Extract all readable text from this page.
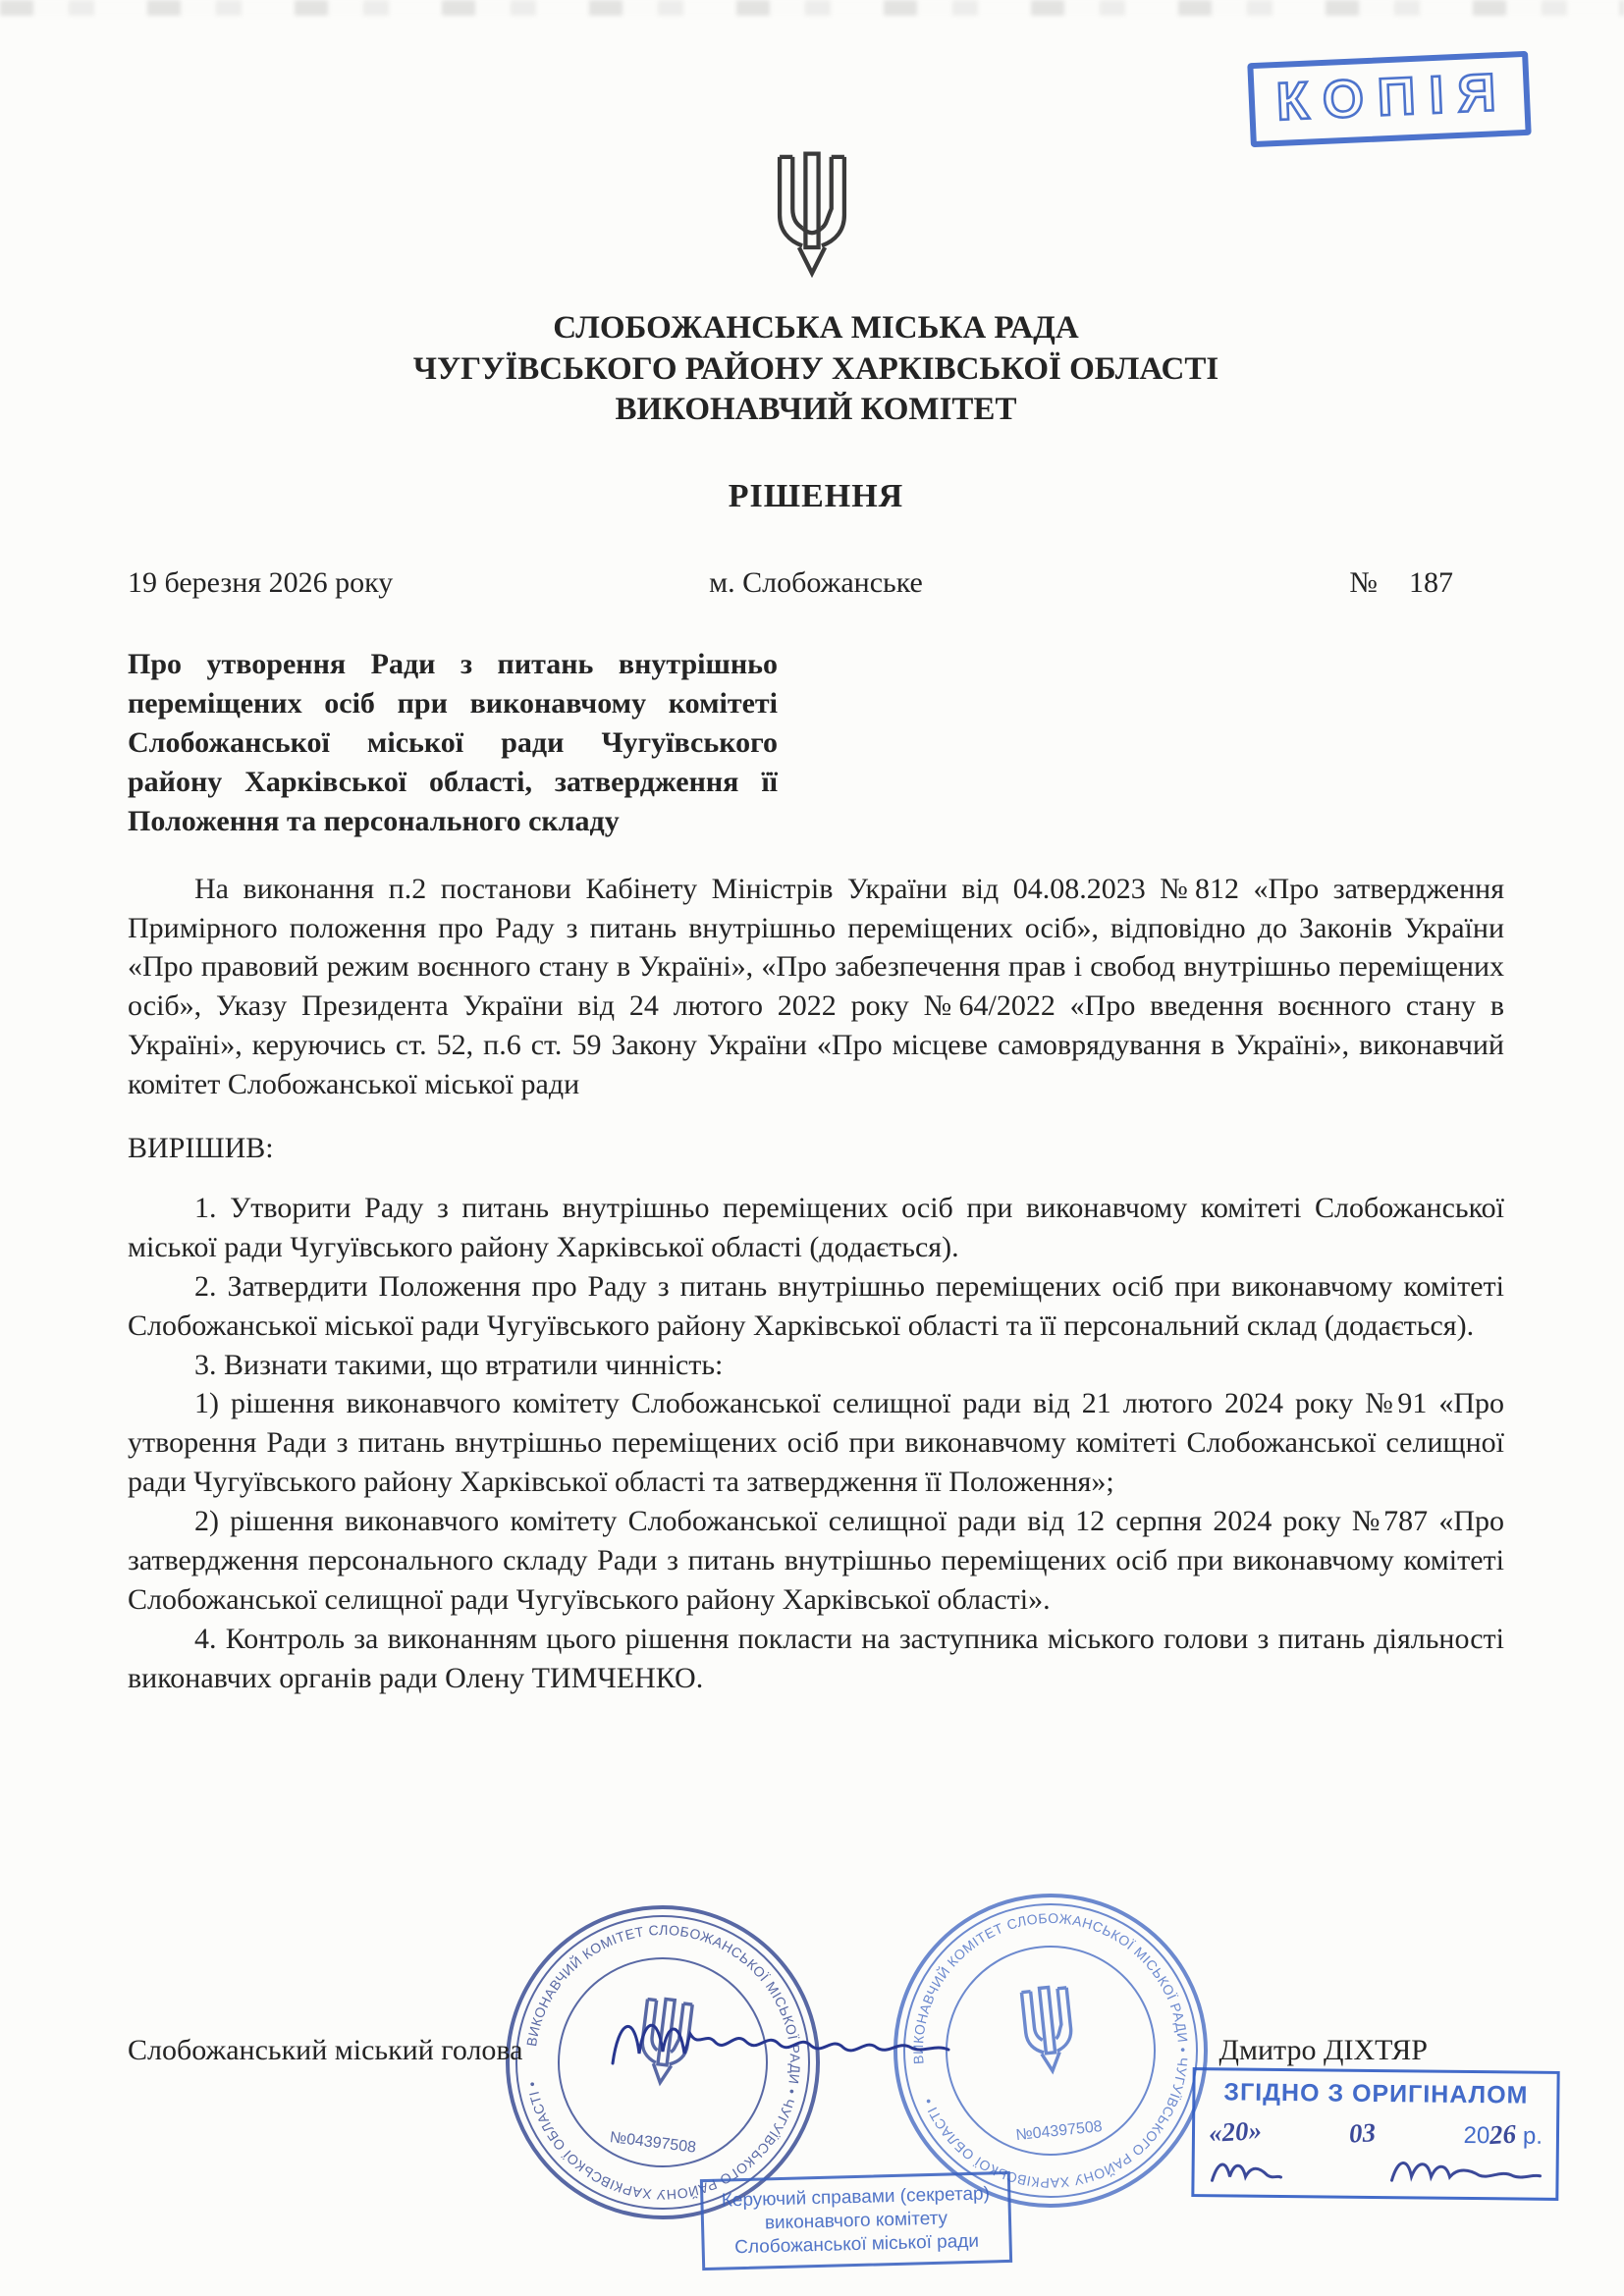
КОПІЯ
СЛОБОЖАНСЬКА МІСЬКА РАДА
ЧУГУЇВСЬКОГО РАЙОНУ ХАРКІВСЬКОЇ ОБЛАСТІ
ВИКОНАВЧИЙ КОМІТЕТ
РІШЕННЯ
19 березня 2026 року	м. Слобожанське	№ 187
Про утворення Ради з питань внутрішньо переміщених осіб при виконавчому комітеті Слобожанської міської ради Чугуївського району Харківської області, затвердження її Положення та персонального складу

На виконання п.2 постанови Кабінету Міністрів України від 04.08.2023 №812 «Про затвердження Примірного положення про Раду з питань внутрішньо переміщених осіб», відповідно до Законів України «Про правовий режим воєнного стану в Україні», «Про забезпечення прав і свобод внутрішньо переміщених осіб», Указу Президента України від 24 лютого 2022 року №64/2022 «Про введення воєнного стану в Україні», керуючись ст. 52, п.6 ст. 59 Закону України «Про місцеве самоврядування в Україні», виконавчий комітет Слобожанської міської ради

ВИРІШИВ:

1. Утворити Раду з питань внутрішньо переміщених осіб при виконавчому комітеті Слобожанської міської ради Чугуївського району Харківської області (додається).

2. Затвердити Положення про Раду з питань внутрішньо переміщених осіб при виконавчому комітеті Слобожанської міської ради Чугуївського району Харківської області та її персональний склад (додається).

3. Визнати такими, що втратили чинність:

1) рішення виконавчого комітету Слобожанської селищної ради від 21 лютого 2024 року №91 «Про утворення Ради з питань внутрішньо переміщених осіб при виконавчому комітеті Слобожанської селищної ради Чугуївського району Харківської області та затвердження її Положення»;

2) рішення виконавчого комітету Слобожанської селищної ради від 12 серпня 2024 року №787 «Про затвердження персонального складу Ради з питань внутрішньо переміщених осіб при виконавчому комітеті Слобожанської селищної ради Чугуївського району Харківської області».

4. Контроль за виконанням цього рішення покласти на заступника міського голови з питань діяльності виконавчих органів ради Олену ТИМЧЕНКО.

Слобожанський міський голова	Дмитро ДІХТЯР
ВИКОНАВЧИЙ КОМІТЕТ СЛОБОЖАНСЬКОЇ МІСЬКОЇ РАДИ • ЧУГУЇВСЬКОГО РАЙОНУ ХАРКІВСЬКОЇ ОБЛАСТІ •
№04397508
ВИКОНАВЧИЙ КОМІТЕТ СЛОБОЖАНСЬКОЇ МІСЬКОЇ РАДИ • ЧУГУЇВСЬКОГО РАЙОНУ ХАРКІВСЬКОЇ ОБЛАСТІ •
№04397508
Керуючий справами (секретар) виконавчого комітету Слобожанської міської ради
ЗГІДНО З ОРИГІНАЛОМ
«20»	03	2026 р.
